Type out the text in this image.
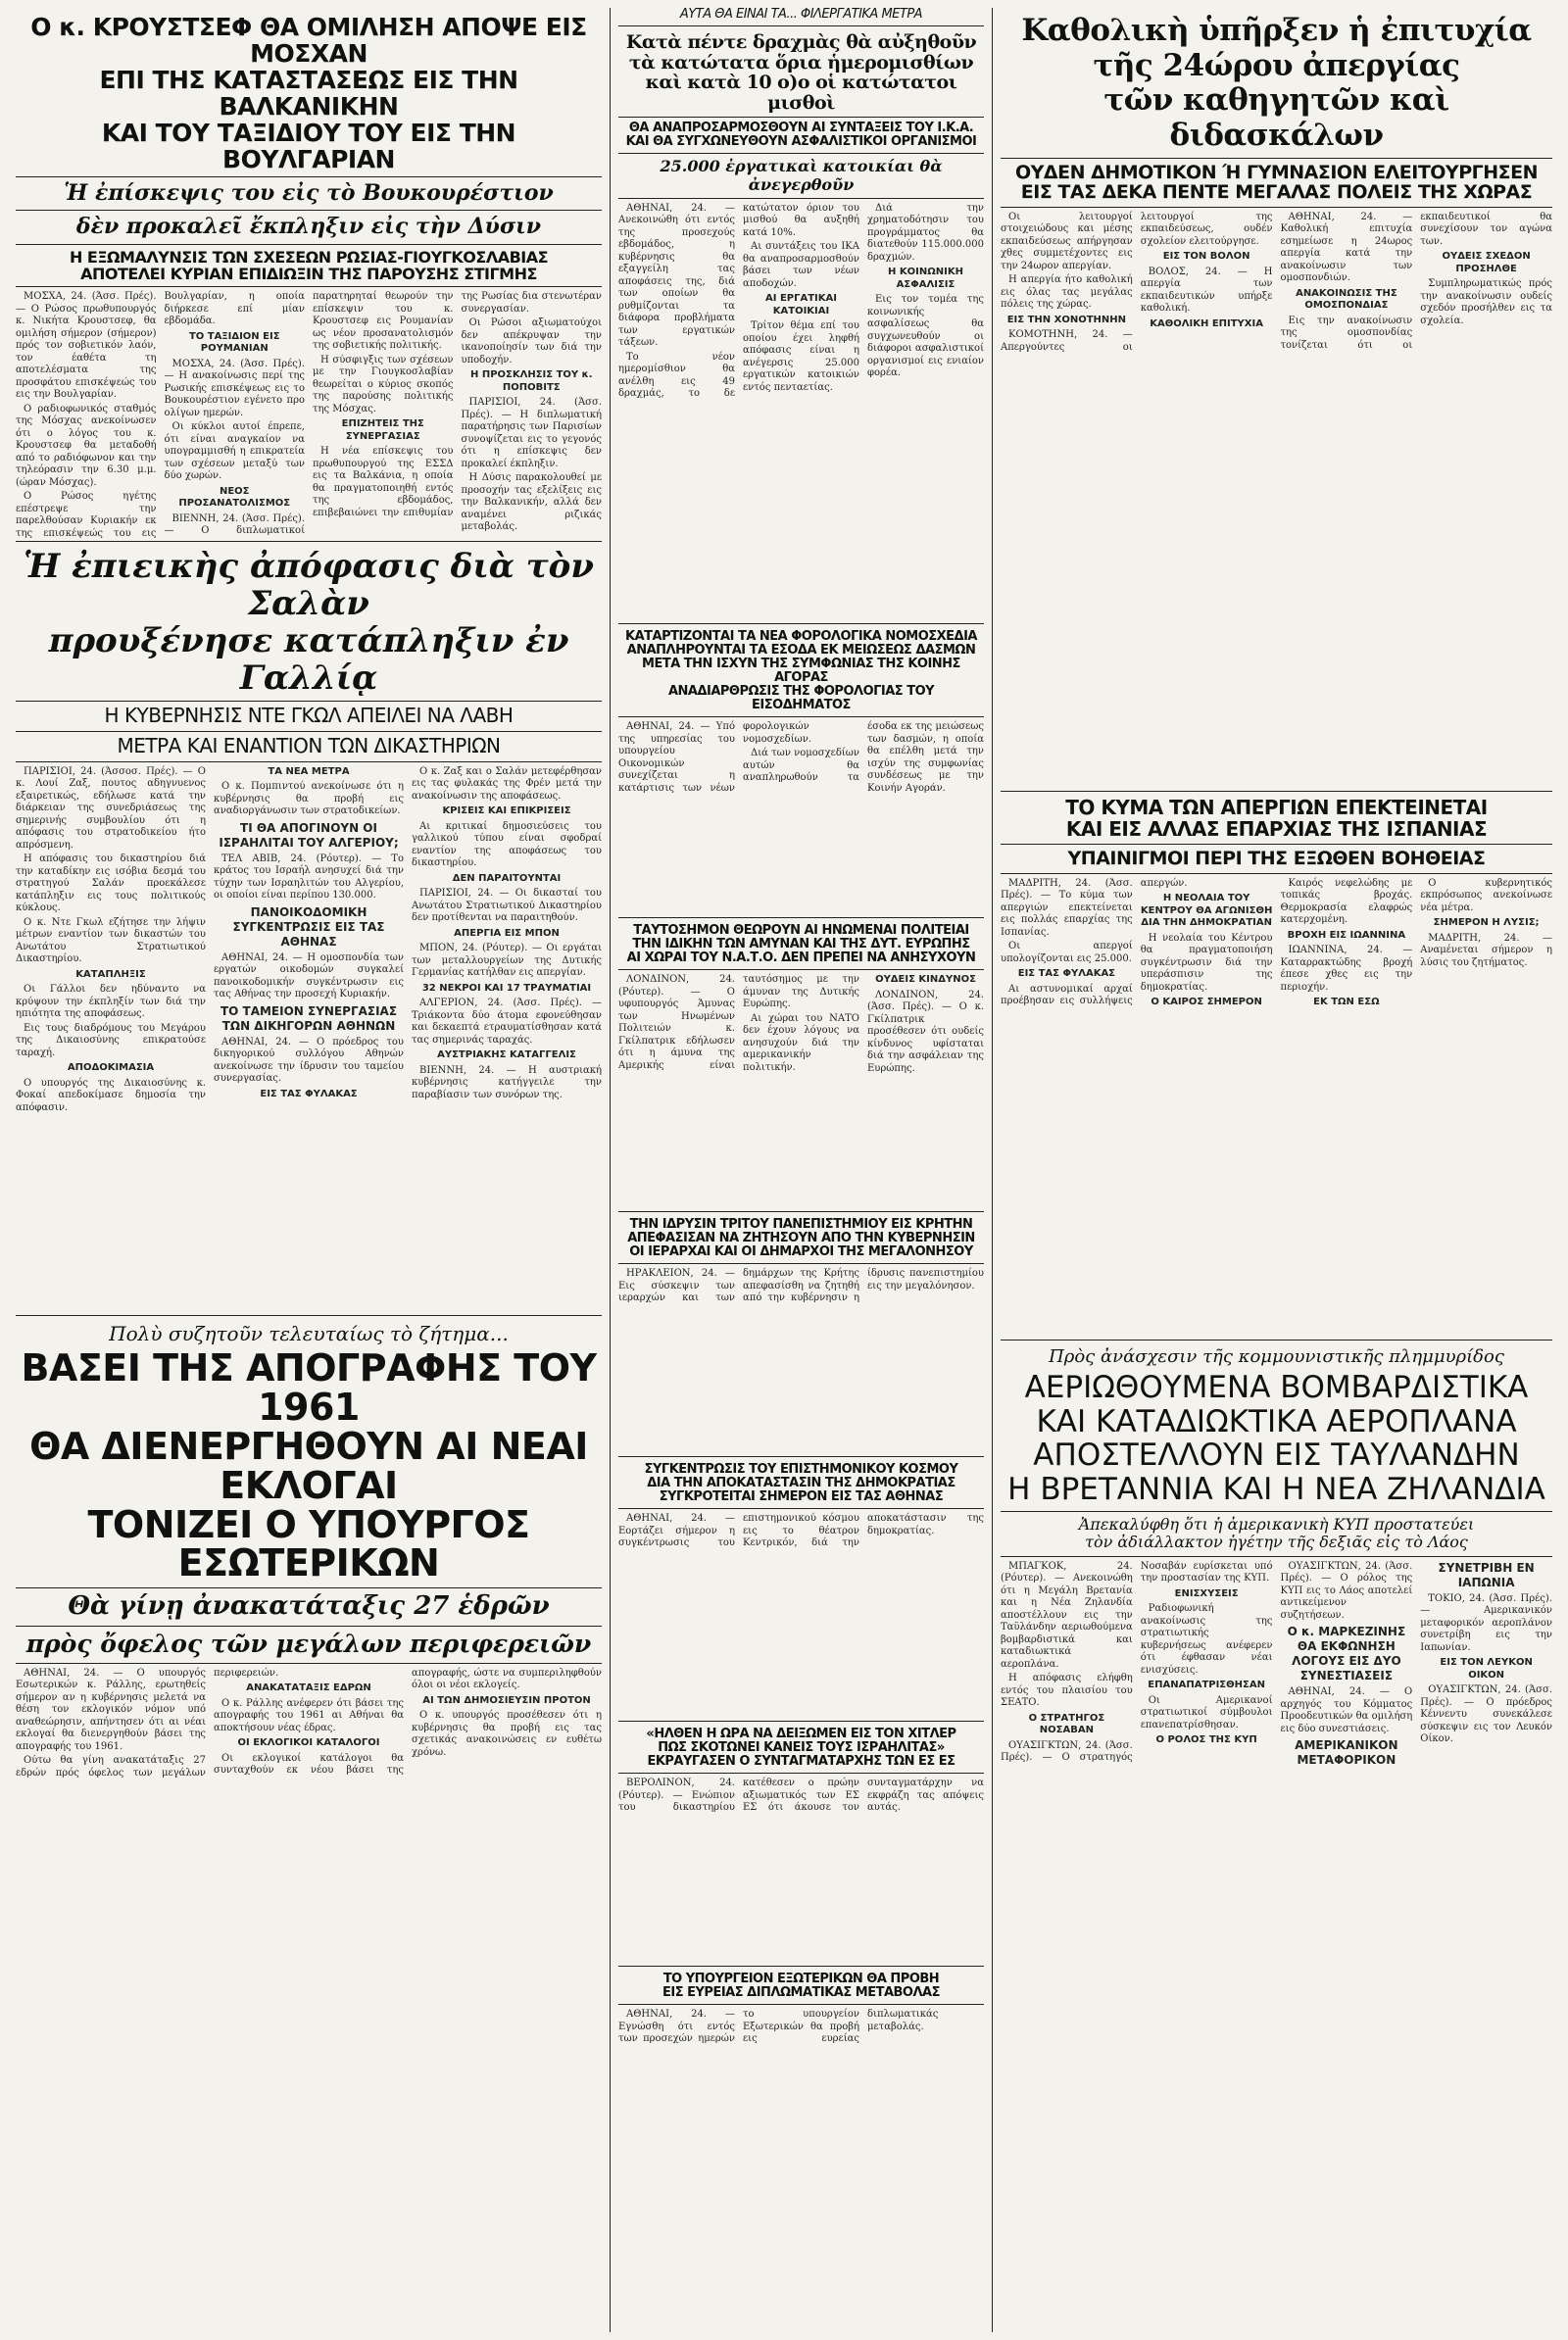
Ο κ. ΚΡΟΥΣΤΣΕΦ ΘΑ ΟΜΙΛΗΣΗ ΑΠΟΨΕ ΕΙΣ ΜΟΣΧΑΝ
ΕΠΙ ΤΗΣ ΚΑΤΑΣΤΑΣΕΩΣ ΕΙΣ ΤΗΝ ΒΑΛΚΑΝΙΚΗΝ
ΚΑΙ ΤΟΥ ΤΑΞΙΔΙΟΥ ΤΟΥ ΕΙΣ ΤΗΝ ΒΟΥΛΓΑΡΙΑΝ
Ἡ ἐπίσκεψις του εἰς τὸ Βουκουρέστιον
δὲν προκαλεῖ ἔκπληξιν εἰς τὴν Δύσιν
Η ΕΞΩΜΑΛΥΝΣΙΣ ΤΩΝ ΣΧΕΣΕΩΝ ΡΩΣΙΑΣ-ΓΙΟΥΓΚΟΣΛΑΒΙΑΣ
ΑΠΟΤΕΛΕΙ ΚΥΡΙΑΝ ΕΠΙΔΙΩΞΙΝ ΤΗΣ ΠΑΡΟΥΣΗΣ ΣΤΙΓΜΗΣ

ΜΟΣΧΑ, 24. (Άσσ. Πρές). — Ο Ρώσος πρωθυπουργός κ. Νικήτα Κρουστσεφ, θα ομιλήση σήμερον (σήμερον) πρός τον σοβιετικόν λαόν, τον έαθέτα τη αποτελέσματα της προσφάτου επισκέψεώς του εις την Βουλγαρίαν.

Ο ραδιοφωνικός σταθμός της Μόσχας ανεκοίνωσεν ότι ο λόγος του κ. Κρουστσεφ θα μεταδοθή από το ραδιόφωνον και την τηλεόρασιν την 6.30 μ.μ. (ώραν Μόσχας).

Ο Ρώσος ηγέτης επέστρεψε την παρελθούσαν Κυριακήν εκ της επισκέψεώς του εις Βουλγαρίαν, η οποία διήρκεσε επί μίαν εβδομάδα.

ΤΟ ΤΑΞΙΔΙΟΝ ΕΙΣ ΡΟΥΜΑΝΙΑΝ

ΜΟΣΧΑ, 24. (Άσσ. Πρές). — Η ανακοίνωσις περί της Ρωσικής επισκέψεως εις το Βουκουρέστιον εγένετο προ ολίγων ημερών.

Οι κύκλοι αυτοί έπρεπε, ότι είναι αναγκαίον να υπογραμμισθή η επικρατεία των σχέσεων μεταξύ των δύο χωρών.

ΝΕΟΣ ΠΡΟΣΑΝΑΤΟΛΙΣΜΟΣ

ΒΙΕΝΝΗ, 24. (Άσσ. Πρές). — Ο διπλωματικοί παρατηρηταί θεωρούν την επίσκεψιν του κ. Κρουστσεφ εις Ρουμανίαν ως νέον προσανατολισμόν της σοβιετικής πολιτικής.

Η σύσφιγξις των σχέσεων με την Γιουγκοσλαβίαν θεωρείται ο κύριος σκοπός της παρούσης πολιτικής της Μόσχας.

ΕΠΙΖΗΤΕΙΣ ΤΗΣ ΣΥΝΕΡΓΑΣΙΑΣ

Η νέα επίσκεψις του πρωθυπουργού της ΕΣΣΔ εις τα Βαλκάνια, η οποία θα πραγματοποιηθή εντός της εβδομάδος, επιβεβαιώνει την επιθυμίαν της Ρωσίας δια στενωτέραν συνεργασίαν.

Οι Ρώσοι αξιωματούχοι δεν απέκρυψαν την ικανοποίησίν των διά την υποδοχήν.

Η ΠΡΟΣΚΛΗΣΙΣ ΤΟΥ κ. ΠΟΠΟΒΙΤΣ

ΠΑΡΙΣΙΟΙ, 24. (Άσσ. Πρές). — Η διπλωματική παρατήρησις των Παρισίων συνοψίζεται εις το γεγονός ότι η επίσκεψις δεν προκαλεί έκπληξιν.

Η Δύσις παρακολουθεί με προσοχήν τας εξελίξεις εις την Βαλκανικήν, αλλά δεν αναμένει ριζικάς μεταβολάς.

Ἡ ἐπιεικὴς ἀπόφασις διὰ τὸν Σαλὰν
προυξένησε κατάπληξιν ἐν Γαλλίᾳ
Η ΚΥΒΕΡΝΗΣΙΣ ΝΤΕ ΓΚΩΛ ΑΠΕΙΛΕΙ ΝΑ ΛΑΒΗ
ΜΕΤΡΑ ΚΑΙ ΕΝΑΝΤΙΟΝ ΤΩΝ ΔΙΚΑΣΤΗΡΙΩΝ

ΠΑΡΙΣΙΟΙ, 24. (Άσσοσ. Πρές). — Ο κ. Λουί Ζαξ, πουτος αδηγνυενος εξαιρετικώς, εδήλωσε κατά την διάρκειαν της συνεδριάσεως της σημερινής συμβουλίου ότι η απόφασις του στρατοδικείου ήτο απρόσμενη.

Η απόφασις του δικαστηρίου διά την καταδίκην εις ισόβια δεσμά του στρατηγού Σαλάν προεκάλεσε κατάπληξιν εις τους πολιτικούς κύκλους.

Ο κ. Ντε Γκωλ εζήτησε την λήψιν μέτρων εναντίον των δικαστών του Ανωτάτου Στρατιωτικού Δικαστηρίου.

ΚΑΤΑΠΛΗΞΙΣ

Οι Γάλλοι δεν ηδύναντο να κρύψουν την έκπληξίν των διά την ηπιότητα της αποφάσεως.

Εις τους διαδρόμους του Μεγάρου της Δικαιοσύνης επικρατούσε ταραχή.

ΑΠΟΔΟΚΙΜΑΣΙΑ

Ο υπουργός της Δικαιοσύνης κ. Φοκαί απεδοκίμασε δημοσία την απόφασιν.

ΤΑ ΝΕΑ ΜΕΤΡΑ

Ο κ. Πομπιντού ανεκοίνωσε ότι η κυβέρνησις θα προβή εις αναδιοργάνωσιν των στρατοδικείων.

ΤΙ ΘΑ ΑΠΟΓΙΝΟΥΝ ΟΙ ΙΣΡΑΗΛΙΤΑΙ ΤΟΥ ΑΛΓΕΡΙΟΥ;

ΤΕΛ ΑΒΙΒ, 24. (Ρόυτερ). — Το κράτος του Ισραήλ ανησυχεί διά την τύχην των Ισραηλιτών του Αλγερίου, οι οποίοι είναι περίπου 130.000.

ΠΑΝΟΙΚΟΔΟΜΙΚΗ ΣΥΓΚΕΝΤΡΩΣΙΣ ΕΙΣ ΤΑΣ ΑΘΗΝΑΣ

ΑΘΗΝΑΙ, 24. — Η ομοσπονδία των εργατών οικοδομών συγκαλεί πανοικοδομικήν συγκέντρωσιν εις τας Αθήνας την προσεχή Κυριακήν.

ΤΟ ΤΑΜΕΙΟΝ ΣΥΝΕΡΓΑΣΙΑΣ ΤΩΝ ΔΙΚΗΓΟΡΩΝ ΑΘΗΝΩΝ

ΑΘΗΝΑΙ, 24. — Ο πρόεδρος του δικηγορικού συλλόγου Αθηνών ανεκοίνωσε την ίδρυσιν του ταμείου συνεργασίας.

ΕΙΣ ΤΑΣ ΦΥΛΑΚΑΣ

Ο κ. Ζαξ και ο Σαλάν μετεφέρθησαν εις τας φυλακάς της Φρέν μετά την ανακοίνωσιν της αποφάσεως.

ΚΡΙΣΕΙΣ ΚΑΙ ΕΠΙΚΡΙΣΕΙΣ

Αι κριτικαί δημοσιεύσεις του γαλλικού τύπου είναι σφοδραί εναντίον της αποφάσεως του δικαστηρίου.

ΔΕΝ ΠΑΡΑΙΤΟΥΝΤΑΙ

ΠΑΡΙΣΙΟΙ, 24. — Οι δικασταί του Ανωτάτου Στρατιωτικού Δικαστηρίου δεν προτίθενται να παραιτηθούν.

ΑΠΕΡΓΙΑ ΕΙΣ ΜΠΟΝ

ΜΠΟΝ, 24. (Ρόυτερ). — Οι εργάται των μεταλλουργείων της Δυτικής Γερμανίας κατήλθαν εις απεργίαν.

32 ΝΕΚΡΟΙ ΚΑΙ 17 ΤΡΑΥΜΑΤΙΑΙ

ΑΛΓΕΡΙΟΝ, 24. (Άσσ. Πρές). — Τριάκοντα δύο άτομα εφονεύθησαν και δεκαεπτά ετραυματίσθησαν κατά τας σημερινάς ταραχάς.

ΑΥΣΤΡΙΑΚΗΣ ΚΑΤΑΓΓΕΛΙΣ

ΒΙΕΝΝΗ, 24. — Η αυστριακή κυβέρνησις κατήγγειλε την παραβίασιν των συνόρων της.

Πολὺ συζητοῦν τελευταίως τὸ ζήτημα...
ΒΑΣΕΙ ΤΗΣ ΑΠΟΓΡΑΦΗΣ ΤΟΥ 1961
ΘΑ ΔΙΕΝΕΡΓΗΘΟΥΝ ΑΙ ΝΕΑΙ ΕΚΛΟΓΑΙ
ΤΟΝΙΖΕΙ Ο ΥΠΟΥΡΓΟΣ ΕΣΩΤΕΡΙΚΩΝ
Θὰ γίνῃ ἀνακατάταξις 27 ἑδρῶν
πρὸς ὄφελος τῶν μεγάλων περιφερειῶν

ΑΘΗΝΑΙ, 24. — Ο υπουργός Εσωτερικών κ. Ράλλης, ερωτηθείς σήμερον αν η κυβέρνησις μελετά να θέση τον εκλογικόν νόμον υπό αναθεώρησιν, απήντησεν ότι αι νέαι εκλογαί θα διενεργηθούν βάσει της απογραφής του 1961.

Ούτω θα γίνη ανακατάταξις 27 εδρών πρός όφελος των μεγάλων περιφερειών.

ΑΝΑΚΑΤΑΤΑΞΙΣ ΕΔΡΩΝ

Ο κ. Ράλλης ανέφερεν ότι βάσει της απογραφής του 1961 αι Αθήναι θα αποκτήσουν νέας έδρας.

ΟΙ ΕΚΛΟΓΙΚΟΙ ΚΑΤΑΛΟΓΟΙ

Οι εκλογικοί κατάλογοι θα συνταχθούν εκ νέου βάσει της απογραφής, ώστε να συμπεριληφθούν όλοι οι νέοι εκλογείς.

ΑΙ ΤΩΝ ΔΗΜΟΣΙΕΥΣΙΝ ΠΡΟΤΟΝ

Ο κ. υπουργός προσέθεσεν ότι η κυβέρνησις θα προβή εις τας σχετικάς ανακοινώσεις εν ευθέτω χρόνω.

ΑΥΤΑ ΘΑ ΕΙΝΑΙ ΤΑ... ΦΙΛΕΡΓΑΤΙΚΑ ΜΕΤΡΑ
Κατὰ πέντε δραχμὰς θὰ αὐξηθοῦν
τὰ κατώτατα ὅρια ἡμερομισθίων
καὶ κατὰ 10 ο)ο οἱ κατώτατοι μισθοὶ
ΘΑ ΑΝΑΠΡΟΣΑΡΜΟΣΘΟΥΝ ΑΙ ΣΥΝΤΑΞΕΙΣ ΤΟΥ Ι.Κ.Α.
ΚΑΙ ΘΑ ΣΥΓΧΩΝΕΥΘΟΥΝ ΑΣΦΑΛΙΣΤΙΚΟΙ ΟΡΓΑΝΙΣΜΟΙ
25.000 ἐργατικαὶ κατοικίαι θὰ ἀνεγερθοῦν

ΑΘΗΝΑΙ, 24. — Ανεκοινώθη ότι εντός της προσεχούς εβδομάδος, η κυβέρνησις θα εξαγγείλη τας αποφάσεις της, διά των οποίων θα ρυθμίζονται τα διάφορα προβλήματα των εργατικών τάξεων.

Το νέον ημερομίσθιον θα ανέλθη εις 49 δραχμάς, το δε κατώτατον όριον του μισθού θα αυξηθή κατά 10%.

Αι συντάξεις του ΙΚΑ θα αναπροσαρμοσθούν βάσει των νέων αποδοχών.

ΑΙ ΕΡΓΑΤΙΚΑΙ ΚΑΤΟΙΚΙΑΙ

Τρίτον θέμα επί του οποίου έχει ληφθή απόφασις είναι η ανέγερσις 25.000 εργατικών κατοικιών εντός πενταετίας.

Διά την χρηματοδότησιν του προγράμματος θα διατεθούν 115.000.000 δραχμών.

Η ΚΟΙΝΩΝΙΚΗ ΑΣΦΑΛΙΣΙΣ

Εις τον τομέα της κοινωνικής ασφαλίσεως θα συγχωνευθούν οι διάφοροι ασφαλιστικοί οργανισμοί εις ενιαίον φορέα.

ΚΑΤΑΡΤΙΖΟΝΤΑΙ ΤΑ ΝΕΑ ΦΟΡΟΛΟΓΙΚΑ ΝΟΜΟΣΧΕΔΙΑ
ΑΝΑΠΛΗΡΟΥΝΤΑΙ ΤΑ ΕΣΟΔΑ ΕΚ ΜΕΙΩΣΕΩΣ ΔΑΣΜΩΝ
ΜΕΤΑ ΤΗΝ ΙΣΧΥΝ ΤΗΣ ΣΥΜΦΩΝΙΑΣ ΤΗΣ ΚΟΙΝΗΣ ΑΓΟΡΑΣ
ΑΝΑΔΙΑΡΘΡΩΣΙΣ ΤΗΣ ΦΟΡΟΛΟΓΙΑΣ ΤΟΥ ΕΙΣΟΔΗΜΑΤΟΣ

ΑΘΗΝΑΙ, 24. — Υπό της υπηρεσίας του υπουργείου Οικονομικών συνεχίζεται η κατάρτισις των νέων φορολογικών νομοσχεδίων.

Διά των νομοσχεδίων αυτών θα αναπληρωθούν τα έσοδα εκ της μειώσεως των δασμών, η οποία θα επέλθη μετά την ισχύν της συμφωνίας συνδέσεως με την Κοινήν Αγοράν.

ΤΑΥΤΟΣΗΜΟΝ ΘΕΩΡΟΥΝ ΑΙ ΗΝΩΜΕΝΑΙ ΠΟΛΙΤΕΙΑΙ
ΤΗΝ ΙΔΙΚΗΝ ΤΩΝ ΑΜΥΝΑΝ ΚΑΙ ΤΗΣ ΔΥΤ. ΕΥΡΩΠΗΣ
ΑΙ ΧΩΡΑΙ ΤΟΥ Ν.Α.Τ.Ο. ΔΕΝ ΠΡΕΠΕΙ ΝΑ ΑΝΗΣΥΧΟΥΝ

ΛΟΝΔΙΝΟΝ, 24. (Ρόυτερ). — Ο υφυπουργός Άμυνας των Ηνωμένων Πολιτειών κ. Γκίλπατρικ εδήλωσεν ότι η άμυνα της Αμερικής είναι ταυτόσημος με την άμυναν της Δυτικής Ευρώπης.

Αι χώραι του ΝΑΤΟ δεν έχουν λόγους να ανησυχούν διά την αμερικανικήν πολιτικήν.

ΟΥΔΕΙΣ ΚΙΝΔΥΝΟΣ

ΛΟΝΔΙΝΟΝ, 24. (Άσσ. Πρές). — Ο κ. Γκίλπατρικ προσέθεσεν ότι ουδείς κίνδυνος υφίσταται διά την ασφάλειαν της Ευρώπης.

ΤΗΝ ΙΔΡΥΣΙΝ ΤΡΙΤΟΥ ΠΑΝΕΠΙΣΤΗΜΙΟΥ ΕΙΣ ΚΡΗΤΗΝ
ΑΠΕΦΑΣΙΣΑΝ ΝΑ ΖΗΤΗΣΟΥΝ ΑΠΟ ΤΗΝ ΚΥΒΕΡΝΗΣΙΝ
ΟΙ ΙΕΡΑΡΧΑΙ ΚΑΙ ΟΙ ΔΗΜΑΡΧΟΙ ΤΗΣ ΜΕΓΑΛΟΝΗΣΟΥ

ΗΡΑΚΛΕΙΟΝ, 24. — Εις σύσκεψιν των ιεραρχών και των δημάρχων της Κρήτης απεφασίσθη να ζητηθή από την κυβέρνησιν η ίδρυσις πανεπιστημίου εις την μεγαλόνησον.

ΣΥΓΚΕΝΤΡΩΣΙΣ ΤΟΥ ΕΠΙΣΤΗΜΟΝΙΚΟΥ ΚΟΣΜΟΥ
ΔΙΑ ΤΗΝ ΑΠΟΚΑΤΑΣΤΑΣΙΝ ΤΗΣ ΔΗΜΟΚΡΑΤΙΑΣ
ΣΥΓΚΡΟΤΕΙΤΑΙ ΣΗΜΕΡΟΝ ΕΙΣ ΤΑΣ ΑΘΗΝΑΣ

ΑΘΗΝΑΙ, 24. — Εορτάζει σήμερον η συγκέντρωσις του επιστημονικού κόσμου εις το θέατρον Κεντρικόν, διά την αποκατάστασιν της δημοκρατίας.

«ΗΛΘΕΝ Η ΩΡΑ ΝΑ ΔΕΙΞΩΜΕΝ ΕΙΣ ΤΟΝ ΧΙΤΛΕΡ
ΠΩΣ ΣΚΟΤΩΝΕΙ ΚΑΝΕΙΣ ΤΟΥΣ ΙΣΡΑΗΛΙΤΑΣ»
ΕΚΡΑΥΓΑΣΕΝ Ο ΣΥΝΤΑΓΜΑΤΑΡΧΗΣ ΤΩΝ ΕΣ ΕΣ

ΒΕΡΟΛΙΝΟΝ, 24. (Ρόυτερ). — Ενώπιον του δικαστηρίου κατέθεσεν ο πρώην αξιωματικός των ΕΣ ΕΣ ότι άκουσε τον συνταγματάρχην να εκφράζη τας απόψεις αυτάς.

ΤΟ ΥΠΟΥΡΓΕΙΟΝ ΕΞΩΤΕΡΙΚΩΝ ΘΑ ΠΡΟΒΗ
ΕΙΣ ΕΥΡΕΙΑΣ ΔΙΠΛΩΜΑΤΙΚΑΣ ΜΕΤΑΒΟΛΑΣ

ΑΘΗΝΑΙ, 24. — Εγνώσθη ότι εντός των προσεχών ημερών το υπουργείον Εξωτερικών θα προβή εις ευρείας διπλωματικάς μεταβολάς.

Καθολικὴ ὑπῆρξεν ἡ ἐπιτυχία
τῆς 24ώρου ἀπεργίας
τῶν καθηγητῶν καὶ διδασκάλων
ΟΥΔΕΝ ΔΗΜΟΤΙΚΟΝ Ή ΓΥΜΝΑΣΙΟΝ ΕΛΕΙΤΟΥΡΓΗΣΕΝ
ΕΙΣ ΤΑΣ ΔΕΚΑ ΠΕΝΤΕ ΜΕΓΑΛΑΣ ΠΟΛΕΙΣ ΤΗΣ ΧΩΡΑΣ

Οι λειτουργοί στοιχειώδους και μέσης εκπαιδεύσεως απήργησαν χθες συμμετέχοντες εις την 24ωρον απεργίαν.

Η απεργία ήτο καθολική εις όλας τας μεγάλας πόλεις της χώρας.

ΕΙΣ ΤΗΝ ΧΟΝΟΤΗΝΗΝ

ΚΟΜΟΤΗΝΗ, 24. — Απεργούντες οι λειτουργοί της εκπαιδεύσεως, ουδέν σχολείον ελειτούργησε.

ΕΙΣ ΤΟΝ ΒΟΛΟΝ

ΒΟΛΟΣ, 24. — Η απεργία των εκπαιδευτικών υπήρξε καθολική.

ΚΑΘΟΛΙΚΗ ΕΠΙΤΥΧΙΑ

ΑΘΗΝΑΙ, 24. — Καθολική επιτυχία εσημείωσε η 24ωρος απεργία κατά την ανακοίνωσιν των ομοσπονδιών.

ΑΝΑΚΟΙΝΩΣΙΣ ΤΗΣ ΟΜΟΣΠΟΝΔΙΑΣ

Εις την ανακοίνωσιν της ομοσπονδίας τονίζεται ότι οι εκπαιδευτικοί θα συνεχίσουν τον αγώνα των.

ΟΥΔΕΙΣ ΣΧΕΔΟΝ ΠΡΟΣΗΛΘΕ

Συμπληρωματικώς πρός την ανακοίνωσιν ουδείς σχεδόν προσήλθεν εις τα σχολεία.

ΤΟ ΚΥΜΑ ΤΩΝ ΑΠΕΡΓΙΩΝ ΕΠΕΚΤΕΙΝΕΤΑΙ
ΚΑΙ ΕΙΣ ΑΛΛΑΣ ΕΠΑΡΧΙΑΣ ΤΗΣ ΙΣΠΑΝΙΑΣ
ΥΠΑΙΝΙΓΜΟΙ ΠΕΡΙ ΤΗΣ ΕΞΩΘΕΝ ΒΟΗΘΕΙΑΣ

ΜΑΔΡΙΤΗ, 24. (Άσσ. Πρές). — Το κύμα των απεργιών επεκτείνεται εις πολλάς επαρχίας της Ισπανίας.

Οι απεργοί υπολογίζονται εις 25.000.

ΕΙΣ ΤΑΣ ΦΥΛΑΚΑΣ

Αι αστυνομικαί αρχαί προέβησαν εις συλλήψεις απεργών.

Η ΝΕΟΛΑΙΑ ΤΟΥ ΚΕΝΤΡΟΥ ΘΑ ΑΓΩΝΙΣΘΗ ΔΙΑ ΤΗΝ ΔΗΜΟΚΡΑΤΙΑΝ

Η νεολαία του Κέντρου θα πραγματοποιήση συγκέντρωσιν διά την υπεράσπισιν της δημοκρατίας.

Ο ΚΑΙΡΟΣ ΣΗΜΕΡΟΝ

Καιρός νεφελώδης με τοπικάς βροχάς. Θερμοκρασία ελαφρώς κατερχομένη.

ΒΡΟΧΗ ΕΙΣ ΙΩΑΝΝΙΝΑ

ΙΩΑΝΝΙΝΑ, 24. — Καταρρακτώδης βροχή έπεσε χθες εις την περιοχήν.

ΕΚ ΤΩΝ ΕΣΩ

Ο κυβερνητικός εκπρόσωπος ανεκοίνωσε νέα μέτρα.

ΣΗΜΕΡΟΝ Η ΛΥΣΙΣ;

ΜΑΔΡΙΤΗ, 24. — Αναμένεται σήμερον η λύσις του ζητήματος.

Πρὸς ἀνάσχεσιν τῆς κομμουνιστικῆς πλημμυρίδος
ΑΕΡΙΩΘΟΥΜΕΝΑ ΒΟΜΒΑΡΔΙΣΤΙΚΑ
ΚΑΙ ΚΑΤΑΔΙΩΚΤΙΚΑ ΑΕΡΟΠΛΑΝΑ
ΑΠΟΣΤΕΛΛΟΥΝ ΕΙΣ ΤΑΥΛΑΝΔΗΝ
Η ΒΡΕΤΑΝΝΙΑ ΚΑΙ Η ΝΕΑ ΖΗΛΑΝΔΙΑ
Ἀπεκαλύφθη ὅτι ἡ ἀμερικανικὴ ΚΥΠ προστατεύει
τὸν ἀδιάλλακτον ἡγέτην τῆς δεξιᾶς εἰς τὸ Λάος

ΜΠΑΓΚΟΚ, 24. (Ρόυτερ). — Ανεκοινώθη ότι η Μεγάλη Βρετανία και η Νέα Ζηλανδία αποστέλλουν εις την Ταϋλάνδην αεριωθούμενα βομβαρδιστικά και καταδιωκτικά αεροπλάνα.

Η απόφασις ελήφθη εντός του πλαισίου του ΣΕΑΤΟ.

Ο ΣΤΡΑΤΗΓΟΣ ΝΟΣΑΒΑΝ

ΟΥΑΣΙΓΚΤΩΝ, 24. (Άσσ. Πρές). — Ο στρατηγός Νοσαβάν ευρίσκεται υπό την προστασίαν της ΚΥΠ.

ΕΝΙΣΧΥΣΕΙΣ

Ραδιοφωνική ανακοίνωσις της στρατιωτικής κυβερνήσεως ανέφερεν ότι έφθασαν νέαι ενισχύσεις.

ΕΠΑΝΑΠΑΤΡΙΣΘΗΣΑΝ

Οι Αμερικανοί στρατιωτικοί σύμβουλοι επανεπατρίσθησαν.

Ο ΡΟΛΟΣ ΤΗΣ ΚΥΠ

ΟΥΑΣΙΓΚΤΩΝ, 24. (Άσσ. Πρές). — Ο ρόλος της ΚΥΠ εις το Λάος αποτελεί αντικείμενον συζητήσεων.

Ο κ. ΜΑΡΚΕΖΙΝΗΣ ΘΑ ΕΚΦΩΝΗΣΗ ΛΟΓΟΥΣ ΕΙΣ ΔΥΟ ΣΥΝΕΣΤΙΑΣΕΙΣ

ΑΘΗΝΑΙ, 24. — Ο αρχηγός του Κόμματος Προοδευτικών θα ομιλήση εις δύο συνεστιάσεις.

ΑΜΕΡΙΚΑΝΙΚΟΝ ΜΕΤΑΦΟΡΙΚΟΝ ΣΥΝΕΤΡΙΒΗ ΕΝ ΙΑΠΩΝΙΑ

ΤΟΚΙΟ, 24. (Άσσ. Πρές). — Αμερικανικόν μεταφορικόν αεροπλάνον συνετρίβη εις την Ιαπωνίαν.

ΕΙΣ ΤΟΝ ΛΕΥΚΟΝ ΟΙΚΟΝ

ΟΥΑΣΙΓΚΤΩΝ, 24. (Άσσ. Πρές). — Ο πρόεδρος Κέννεντυ συνεκάλεσε σύσκεψιν εις τον Λευκόν Οίκον.
